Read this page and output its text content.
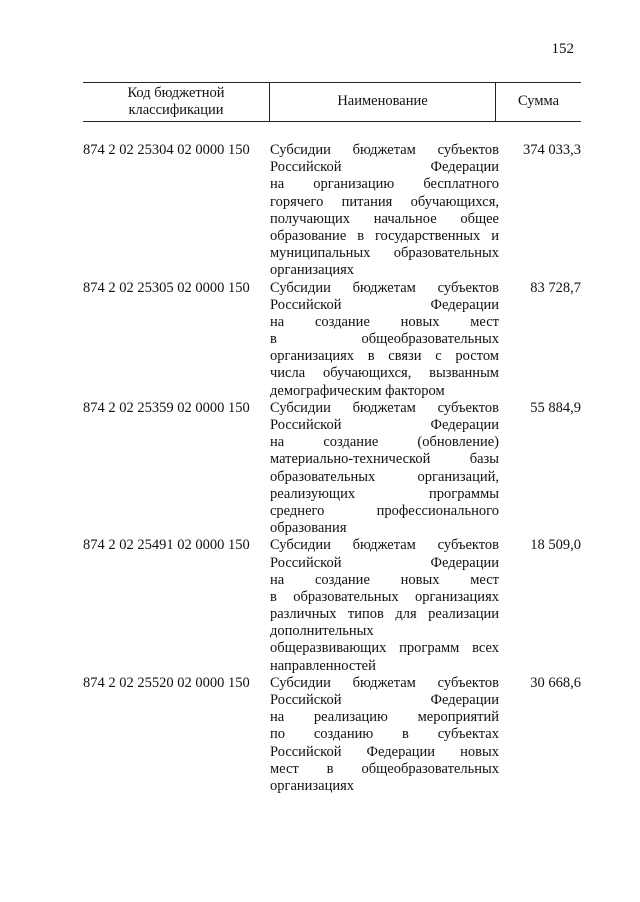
152
Код бюджетной
классификации
Наименование	Сумма
874 2 02 25304 02 0000 150 Субсидии бюджетам субъектов
Российской Федерации
на организацию бесплатного
горячего питания обучающихся,
получающих начальное общее
образование в государственных и
муниципальных образовательных
организациях
374 033,3
874 2 02 25305 02 0000 150 Субсидии бюджетам субъектов
Российской Федерации
на создание новых мест
в общеобразовательных
организациях в связи с ростом
числа обучающихся, вызванным
демографическим фактором
83 728,7
874 2 02 25359 02 0000 150 Субсидии бюджетам субъектов
Российской Федерации
на создание (обновление)
материально-технической базы
образовательных организаций,
реализующих программы
среднего профессионального
образования
55 884,9
874 2 02 25491 02 0000 150 Субсидии бюджетам субъектов
Российской Федерации
на создание новых мест
в образовательных организациях
различных типов для реализации
дополнительных
общеразвивающих программ всех
направленностей
18 509,0
874 2 02 25520 02 0000 150 Субсидии бюджетам субъектов
Российской Федерации
на реализацию мероприятий
по созданию в субъектах
Российской Федерации новых
мест в общеобразовательных
организациях
30 668,6
